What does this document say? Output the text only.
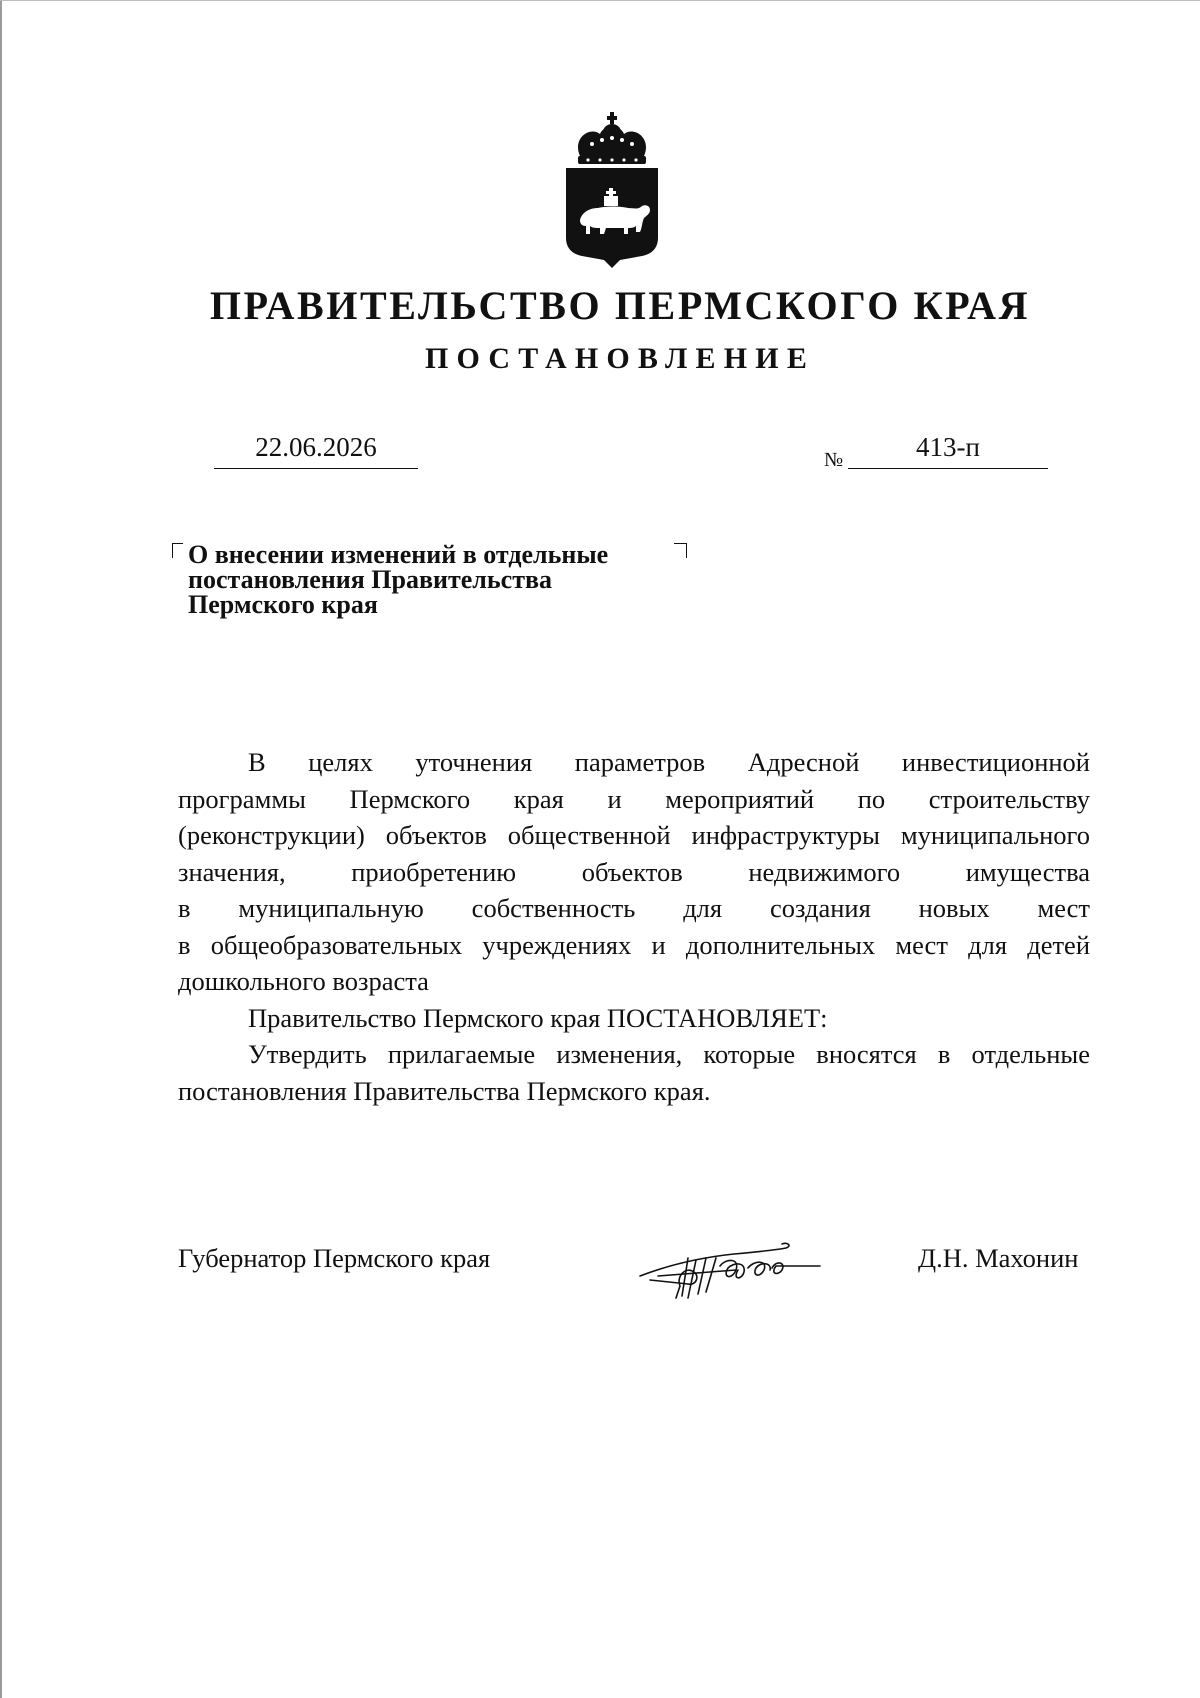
ПРАВИТЕЛЬСТВО ПЕРМСКОГО КРАЯ
ПОСТАНОВЛЕНИЕ
22.06.2026	№	413-п
О внесении изменений в отдельные
постановления Правительства
Пермского края

В целях уточнения параметров Адресной инвестиционной

программы Пермского края и мероприятий по строительству

(реконструкции) объектов общественной инфраструктуры муниципального

значения, приобретению объектов недвижимого имущества

в муниципальную собственность для создания новых мест

в общеобразовательных учреждениях и дополнительных мест для детей

дошкольного возраста

Правительство Пермского края ПОСТАНОВЛЯЕТ:

Утвердить прилагаемые изменения, которые вносятся в отдельные

постановления Правительства Пермского края.

Губернатор Пермского края	Д.Н. Махонин
